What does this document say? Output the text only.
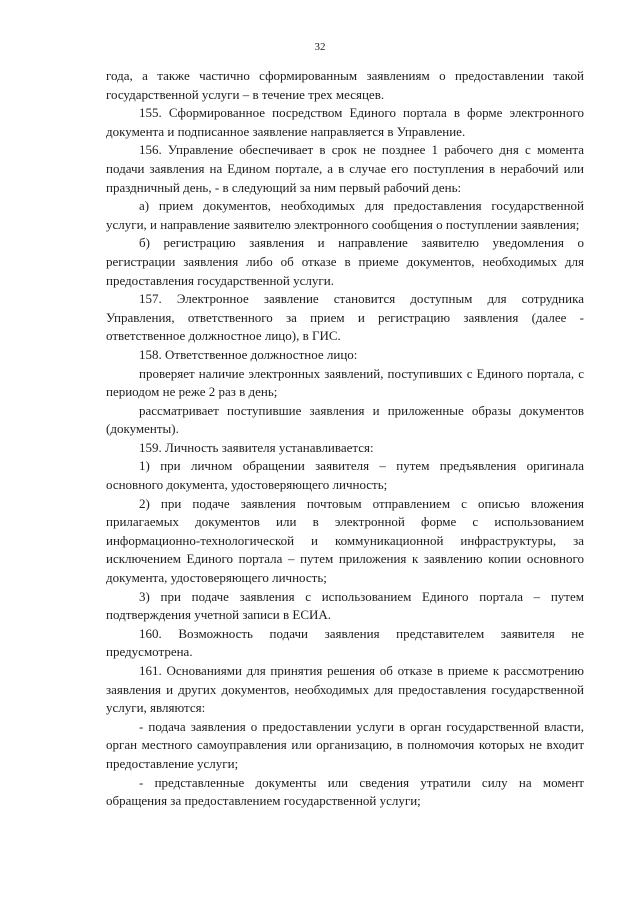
32

года, а также частично сформированным заявлениям о предоставлении такой государственной услуги – в течение трех месяцев.

155. Сформированное посредством Единого портала в форме электронного документа и подписанное заявление направляется в Управление.

156. Управление обеспечивает в срок не позднее 1 рабочего дня с момента подачи заявления на Едином портале, а в случае его поступления в нерабочий или праздничный день, - в следующий за ним первый рабочий день:

а) прием документов, необходимых для предоставления государственной услуги, и направление заявителю электронного сообщения о поступлении заявления;

б) регистрацию заявления и направление заявителю уведомления о регистрации заявления либо об отказе в приеме документов, необходимых для предоставления государственной услуги.

157. Электронное заявление становится доступным для сотрудника Управления, ответственного за прием и регистрацию заявления (далее - ответственное должностное лицо), в ГИС.

158. Ответственное должностное лицо:

проверяет наличие электронных заявлений, поступивших с Единого портала, с периодом не реже 2 раз в день;

рассматривает поступившие заявления и приложенные образы документов (документы).

159. Личность заявителя устанавливается:

1) при личном обращении заявителя – путем предъявления оригинала основного документа, удостоверяющего личность;

2) при подаче заявления почтовым отправлением с описью вложения прилагаемых документов или в электронной форме с использованием информационно-технологической и коммуникационной инфраструктуры, за исключением Единого портала – путем приложения к заявлению копии основного документа, удостоверяющего личность;

3) при подаче заявления с использованием Единого портала – путем подтверждения учетной записи в ЕСИА.

160. Возможность подачи заявления представителем заявителя не предусмотрена.

161. Основаниями для принятия решения об отказе в приеме к рассмотрению заявления и других документов, необходимых для предоставления государственной услуги, являются:

- подача заявления о предоставлении услуги в орган государственной власти, орган местного самоуправления или организацию, в полномочия которых не входит предоставление услуги;

- представленные документы или сведения утратили силу на момент обращения за предоставлением государственной услуги;
